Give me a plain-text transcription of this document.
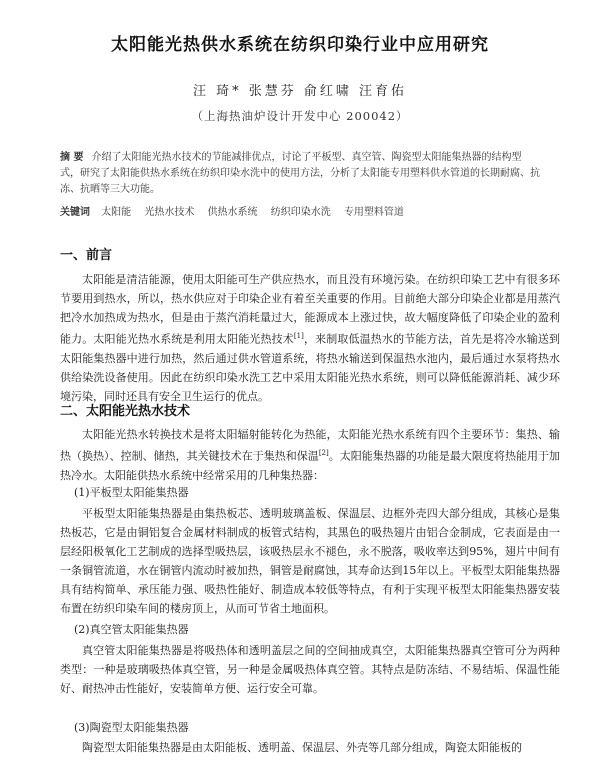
太阳能光热供水系统在纺织印染行业中应用研究
汪 琦* 张慧芬 俞红啸 汪育佑
（上海热油炉设计开发中心 200042）
摘 要 介绍了太阳能光热水技术的节能减排优点，讨论了平板型、真空管、陶瓷型太阳能集热器的结构型式，研究了太阳能供热水系统在纺织印染水洗中的使用方法，分析了太阳能专用塑料供水管道的长期耐腐、抗冻、抗晒等三大功能。
关键词 太阳能 光热水技术 供热水系统 纺织印染水洗 专用塑料管道
一、前言
太阳能是清洁能源，使用太阳能可生产供应热水，而且没有环境污染。在纺织印染工艺中有很多环节要用到热水，所以，热水供应对于印染企业有着至关重要的作用。目前绝大部分印染企业都是用蒸汽把冷水加热成为热水，但是由于蒸汽消耗量过大，能源成本上涨过快，故大幅度降低了印染企业的盈利能力。太阳能光热水系统是利用太阳能光热技术[1]，来制取低温热水的节能方法，首先是将冷水输送到太阳能集热器中进行加热，然后通过供水管道系统，将热水输送到保温热水池内，最后通过水泵将热水供给染洗设备使用。因此在纺织印染水洗工艺中采用太阳能光热水系统，则可以降低能源消耗、减少环境污染，同时还具有安全卫生运行的优点。
二、太阳能光热水技术
太阳能光热水转换技术是将太阳辐射能转化为热能，太阳能光热水系统有四个主要环节：集热、输热（换热）、控制、储热，其关键技术在于集热和保温[2]。太阳能集热器的功能是最大限度将热能用于加热冷水。太阳能供热水系统中经常采用的几种集热器：
(1)平板型太阳能集热器
平板型太阳能集热器是由集热板芯、透明玻璃盖板、保温层、边框外壳四大部分组成，其核心是集热板芯，它是由铜铝复合金属材料制成的板管式结构，其黑色的吸热翅片由铝合金制成，它表面是由一层经阳极氧化工艺制成的选择型吸热层，该吸热层永不褪色，永不脱落，吸收率达到95%，翅片中间有一条铜管流道，水在铜管内流动时被加热，铜管是耐腐蚀，其寿命达到15年以上。平板型太阳能集热器具有结构简单、承压能力强、吸热性能好、制造成本较低等特点，有利于实现平板型太阳能集热器安装布置在纺织印染车间的楼房顶上，从而可节省土地面积。
(2)真空管太阳能集热器
真空管太阳能集热器是将吸热体和透明盖层之间的空间抽成真空，太阳能集热器真空管可分为两种类型：一种是玻璃吸热体真空管，另一种是金属吸热体真空管。其特点是防冻结、不易结垢、保温性能好、耐热冲击性能好，安装简单方便、运行安全可靠。
(3)陶瓷型太阳能集热器
陶瓷型太阳能集热器是由太阳能板、透明盖、保温层、外壳等几部分组成，陶瓷太阳能板的
